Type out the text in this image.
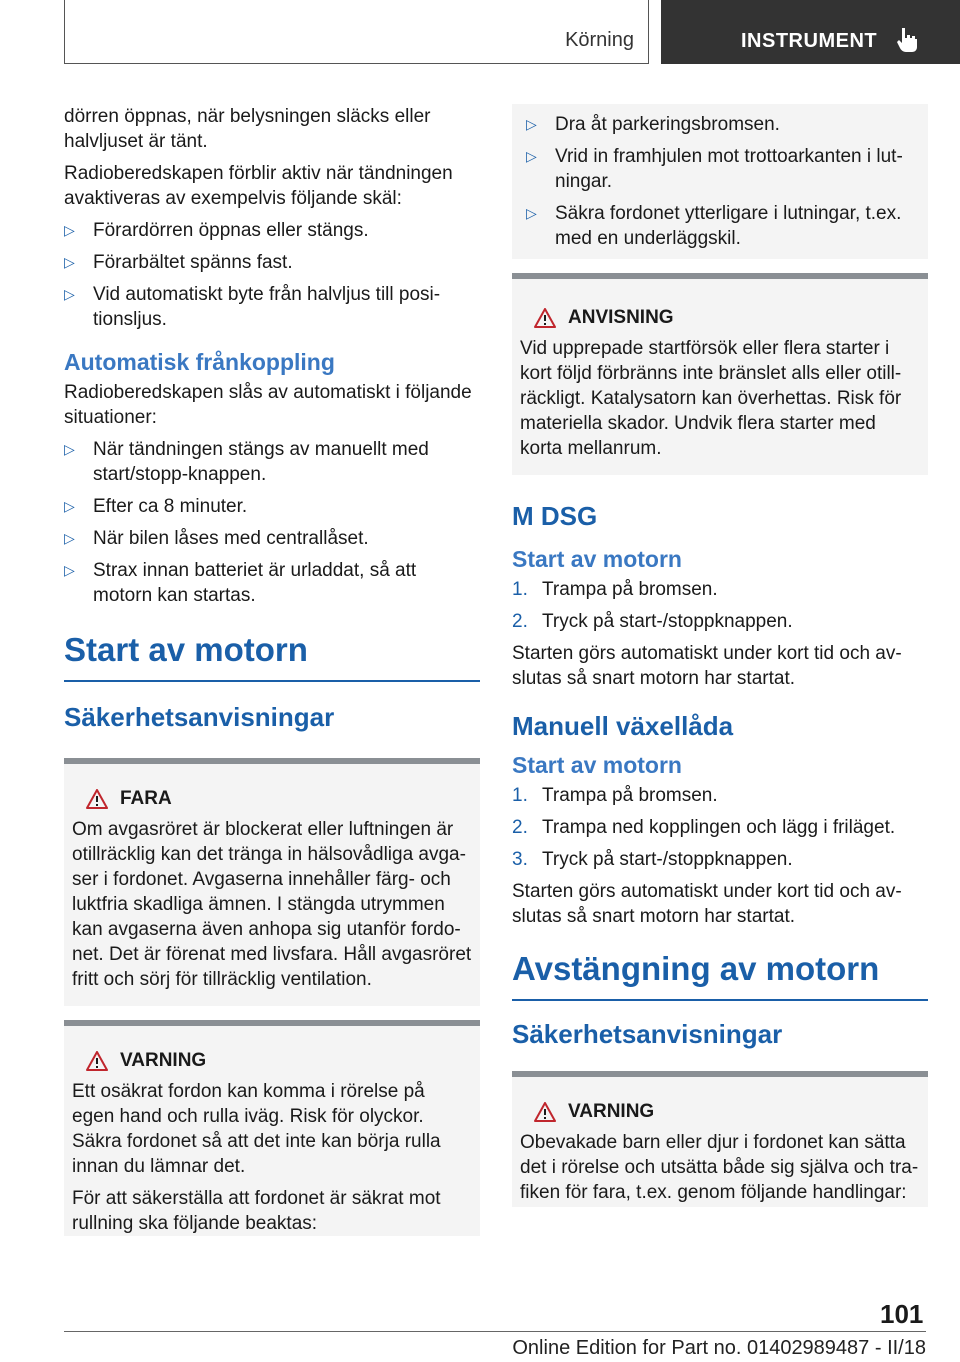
Körning	INSTRUMENT

dörren öppnas, när belysningen släcks eller halvljuset är tänt.

Radioberedskapen förblir aktiv när tändningen avaktiveras av exempelvis följande skäl:

▷ Förardörren öppnas eller stängs.
▷ Förarbältet spänns fast.
▷ Vid automatiskt byte från halvljus till positionsljus.
Automatisk frånkoppling

Radioberedskapen slås av automatiskt i följande situationer:

▷ När tändningen stängs av manuellt med start/stopp-knappen.
▷ Efter ca 8 minuter.
▷ När bilen låses med centrallåset.
▷ Strax innan batteriet är urladdat, så att motorn kan startas.
Start av motorn
Säkerhetsanvisningar
FARA

Om avgasröret är blockerat eller luftningen är otillräcklig kan det tränga in hälsovådliga avgaser i fordonet. Avgaserna innehåller färg- och luktfria skadliga ämnen. I stängda utrymmen kan avgaserna även anhopa sig utanför fordonet. Det är förenat med livsfara. Håll avgasröret fritt och sörj för tillräcklig ventilation.

VARNING

Ett osäkrat fordon kan komma i rörelse på egen hand och rulla iväg. Risk för olyckor. Säkra fordonet så att det inte kan börja rulla innan du lämnar det.

För att säkerställa att fordonet är säkrat mot rullning ska följande beaktas:

▷ Dra åt parkeringsbromsen.
▷ Vrid in framhjulen mot trottoarkanten i lutningar.
▷ Säkra fordonet ytterligare i lutningar, t.ex. med en underläggskil.
ANVISNING

Vid upprepade startförsök eller flera starter i kort följd förbränns inte bränslet alls eller otillräckligt. Katalysatorn kan överhettas. Risk för materiella skador. Undvik flera starter med korta mellanrum.

M DSG
Start av motorn
1. Trampa på bromsen.
2. Tryck på start-/stoppknappen.

Starten görs automatiskt under kort tid och avslutas så snart motorn har startat.

Manuell växellåda
Start av motorn
1. Trampa på bromsen.
2. Trampa ned kopplingen och lägg i friläget.
3. Tryck på start-/stoppknappen.

Starten görs automatiskt under kort tid och avslutas så snart motorn har startat.

Avstängning av motorn
Säkerhetsanvisningar
VARNING

Obevakade barn eller djur i fordonet kan sätta det i rörelse och utsätta både sig själva och trafiken för fara, t.ex. genom följande handlingar:

101
Online Edition for Part no. 01402989487 - II/18
